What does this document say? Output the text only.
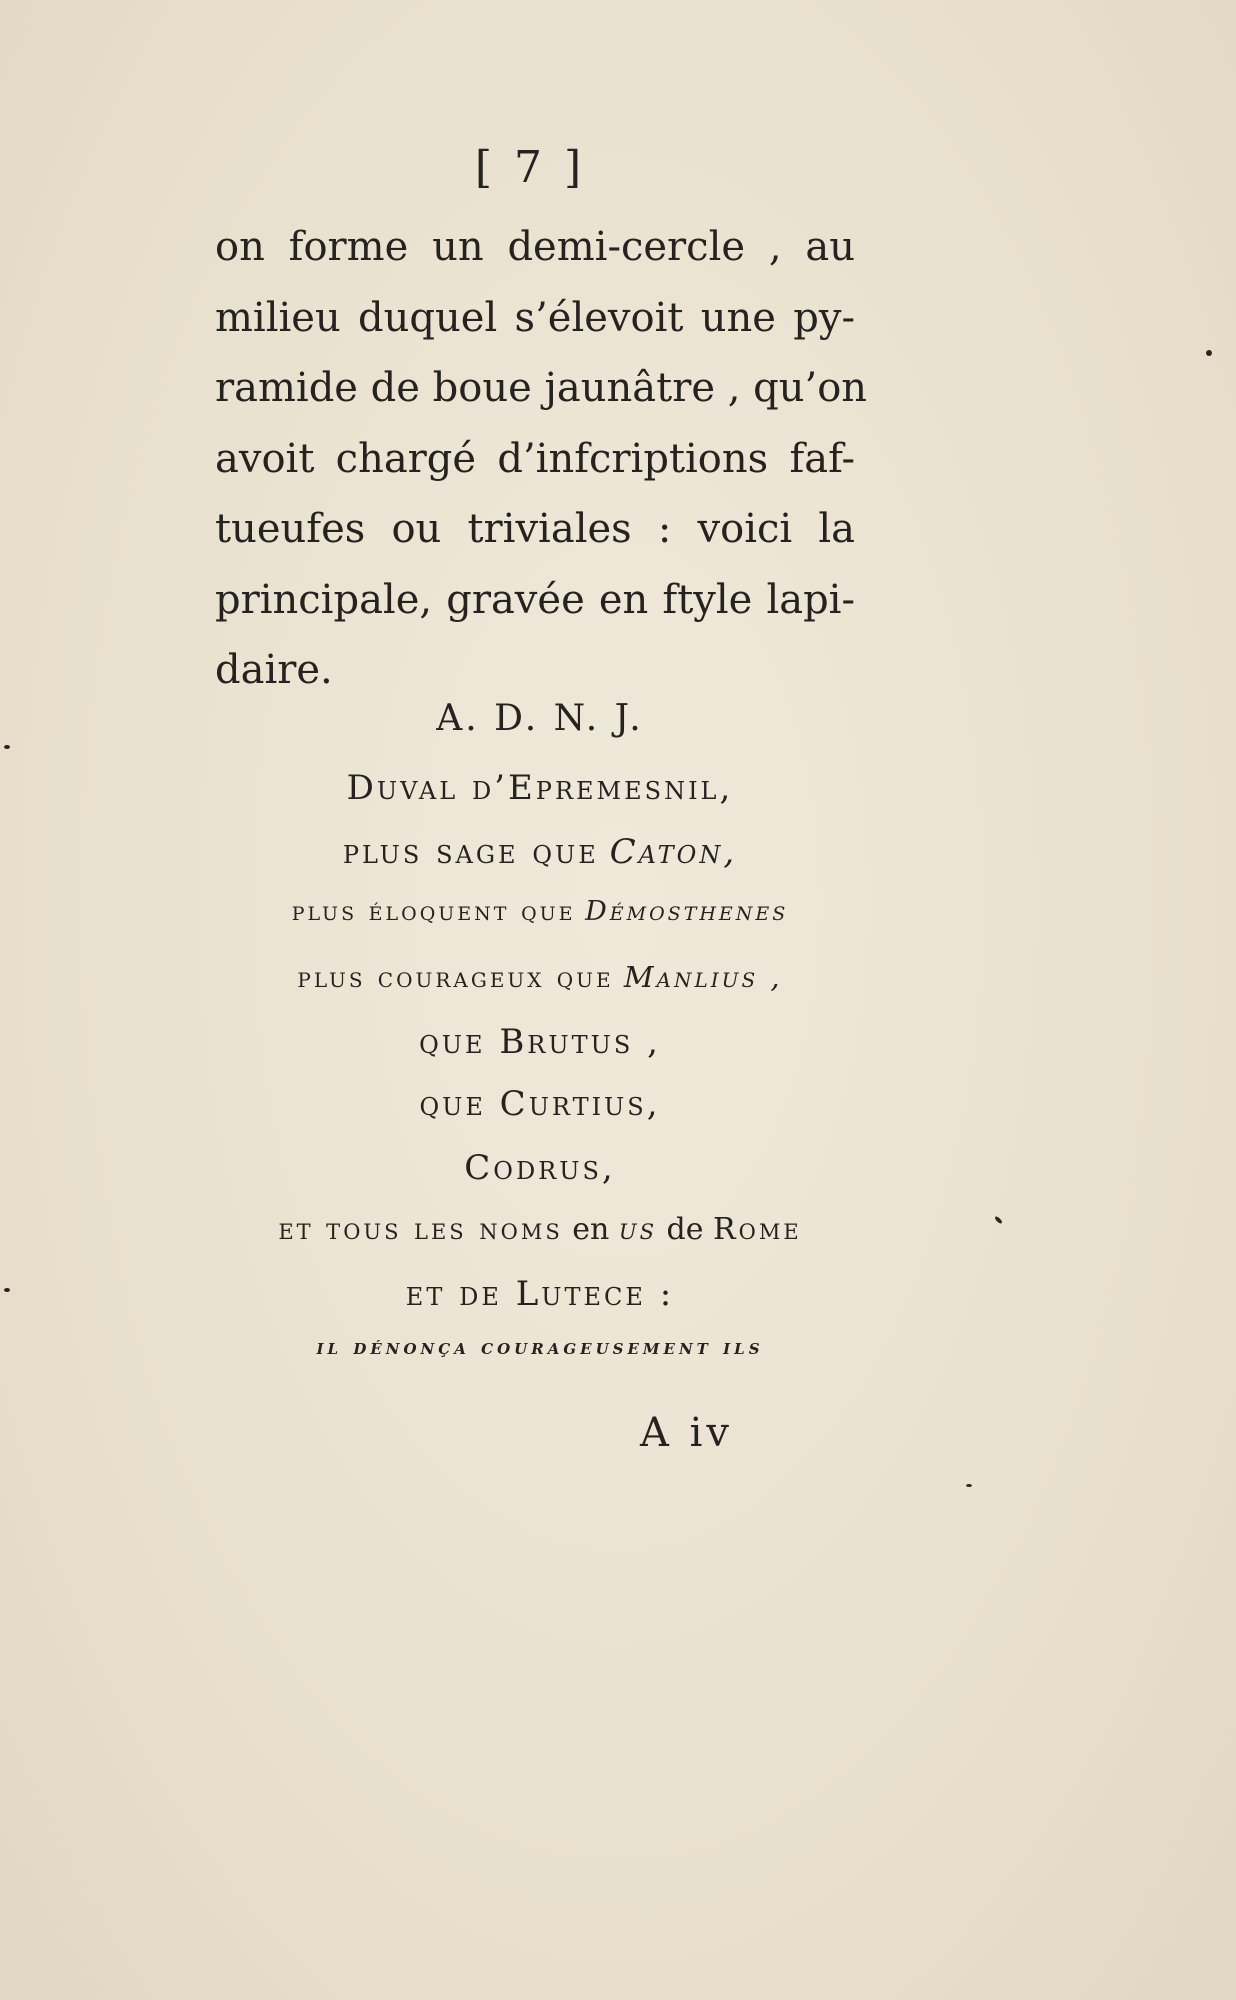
[ 7 ]
on forme un demi-cercle , au
milieu duquel s’élevoit une py-
ramide de boue jaunâtre , qu’on
avoit chargé d’infcriptions faf-
tueufes ou triviales : voici la
principale, gravée en ftyle lapi-
daire.
A. D. N. J.
Duval d’Epremesnil,
plus sage que Caton,
plus éloquent que Démosthenes
plus courageux que Manlius ,
que Brutus ,
que Curtius,
Codrus,
et tous les noms en us de Rome
et de Lutece :
il dénonça courageusement ils
A iv
